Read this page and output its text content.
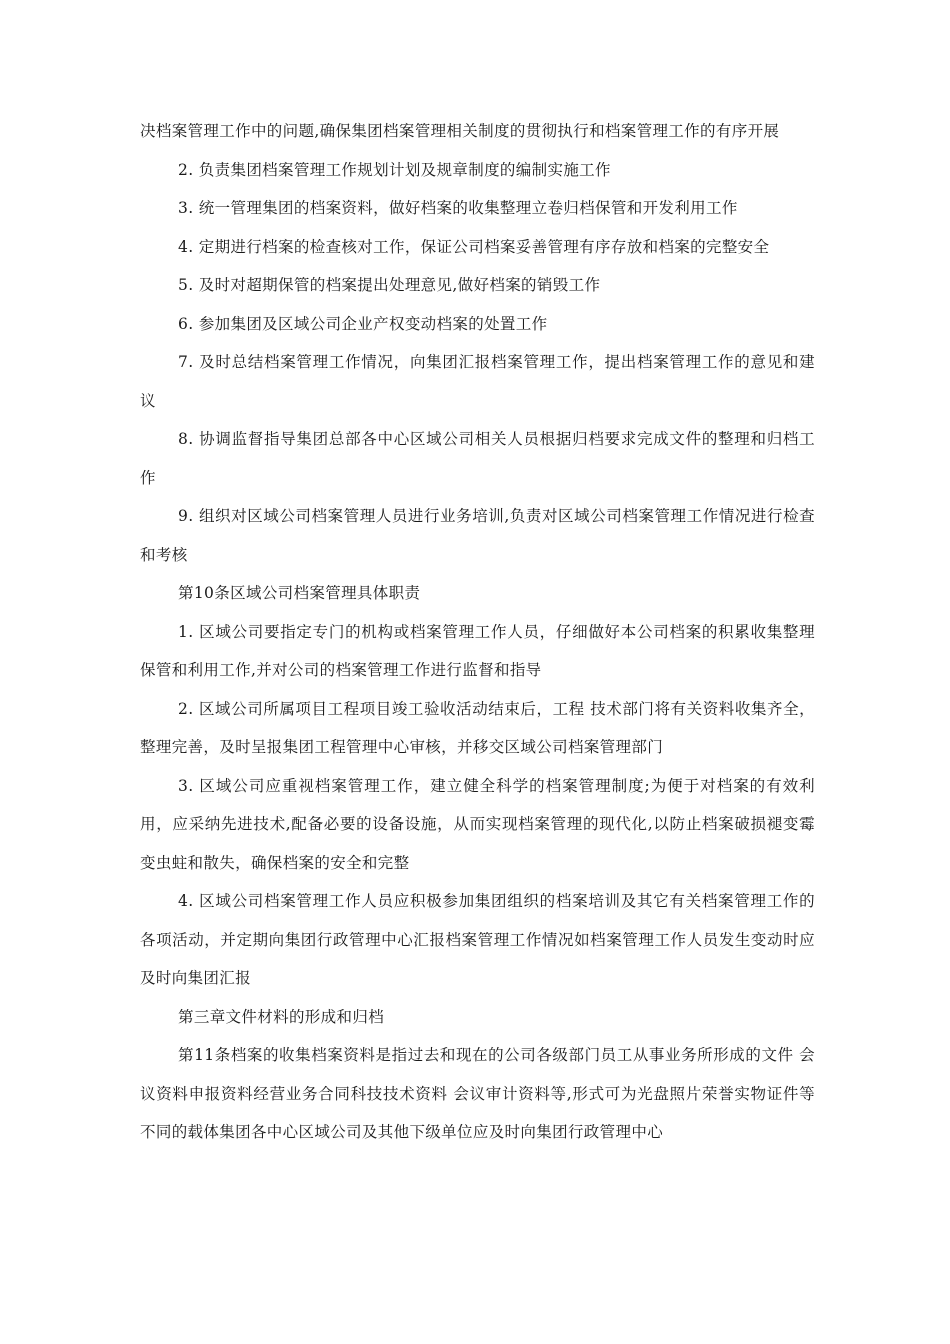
决档案管理工作中的问题,确保集团档案管理相关制度的贯彻执行和档案管理工作的有序开展

2. 负责集团档案管理工作规划计划及规章制度的编制实施工作

3. 统一管理集团的档案资料，做好档案的收集整理立卷归档保管和开发利用工作

4. 定期进行档案的检查核对工作，保证公司档案妥善管理有序存放和档案的完整安全

5. 及时对超期保管的档案提出处理意见,做好档案的销毁工作

6. 参加集团及区域公司企业产权变动档案的处置工作

7. 及时总结档案管理工作情况，向集团汇报档案管理工作，提出档案管理工作的意见和建议

8. 协调监督指导集团总部各中心区域公司相关人员根据归档要求完成文件的整理和归档工作

9. 组织对区域公司档案管理人员进行业务培训,负责对区域公司档案管理工作情况进行检查和考核

第10条区域公司档案管理具体职责

1. 区域公司要指定专门的机构或档案管理工作人员，仔细做好本公司档案的积累收集整理保管和利用工作,并对公司的档案管理工作进行监督和指导

2. 区域公司所属项目工程项目竣工验收活动结束后，工程 技术部门将有关资料收集齐全，整理完善，及时呈报集团工程管理中心审核，并移交区域公司档案管理部门

3. 区域公司应重视档案管理工作，建立健全科学的档案管理制度;为便于对档案的有效利用，应采纳先进技术,配备必要的设备设施，从而实现档案管理的现代化,以防止档案破损褪变霉变虫蛀和散失，确保档案的安全和完整

4. 区域公司档案管理工作人员应积极参加集团组织的档案培训及其它有关档案管理工作的各项活动，并定期向集团行政管理中心汇报档案管理工作情况如档案管理工作人员发生变动时应及时向集团汇报

第三章文件材料的形成和归档

第11条档案的收集档案资料是指过去和现在的公司各级部门员工从事业务所形成的文件 会议资料申报资料经营业务合同科技技术资料 会议审计资料等,形式可为光盘照片荣誉实物证件等不同的载体集团各中心区域公司及其他下级单位应及时向集团行政管理中心
